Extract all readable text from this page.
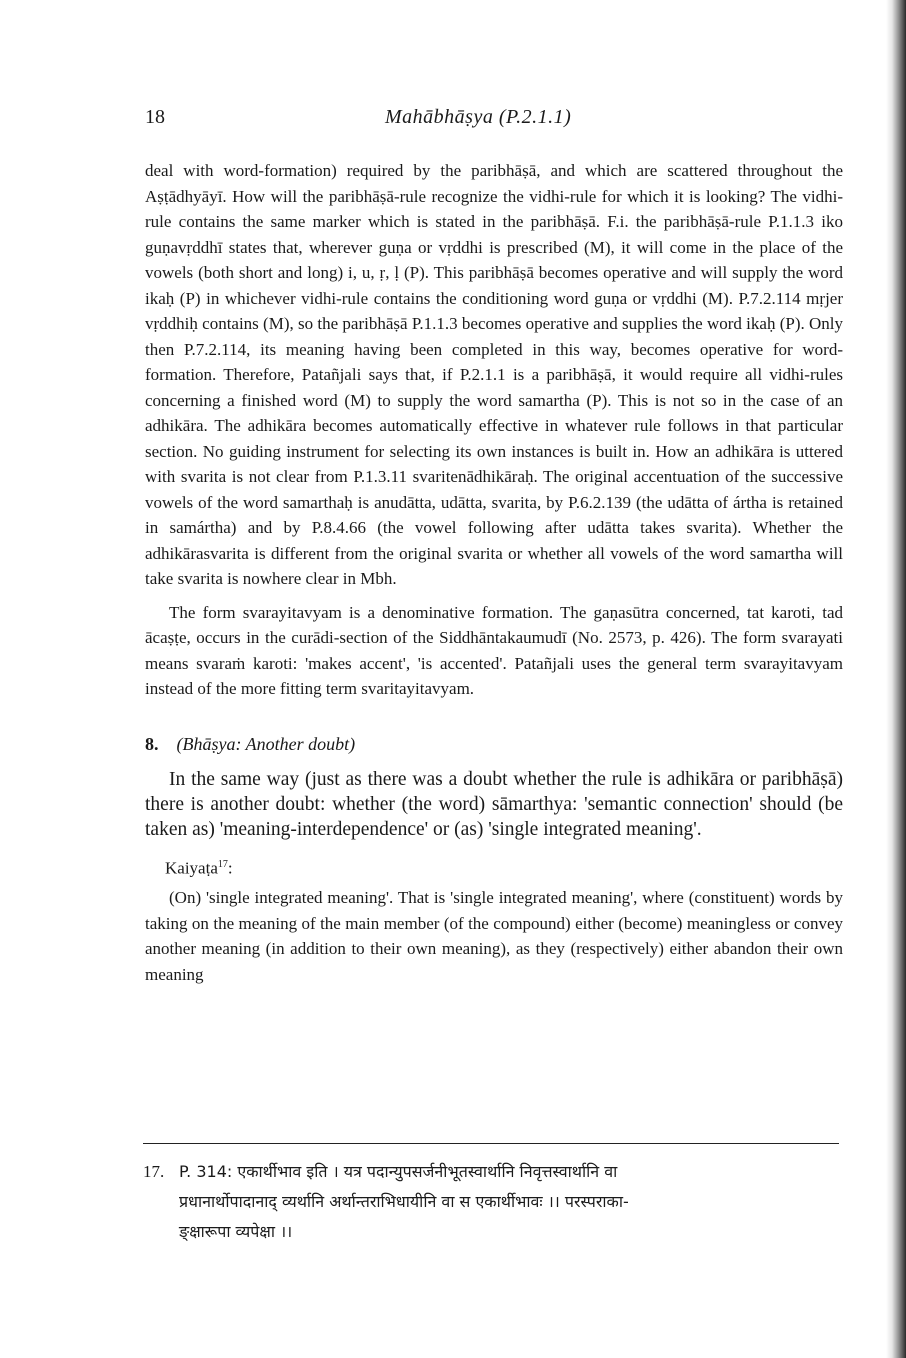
18	Mahābhāṣya (P.2.1.1)

deal with word-formation) required by the paribhāṣā, and which are scattered throughout the Aṣṭādhyāyī. How will the paribhāṣā-rule recognize the vidhi-rule for which it is looking? The vidhi-rule contains the same marker which is stated in the paribhāṣā. F.i. the paribhāṣā-rule P.1.1.3 iko guṇavṛddhī states that, wherever guṇa or vṛddhi is prescribed (M), it will come in the place of the vowels (both short and long) i, u, ṛ, ḷ (P). This paribhāṣā becomes operative and will supply the word ikaḥ (P) in whichever vidhi-rule contains the conditioning word guṇa or vṛddhi (M). P.7.2.114 mṛjer vṛddhiḥ contains (M), so the paribhāṣā P.1.1.3 becomes operative and supplies the word ikaḥ (P). Only then P.7.2.114, its meaning having been completed in this way, becomes operative for word-formation. Therefore, Patañjali says that, if P.2.1.1 is a paribhāṣā, it would require all vidhi-rules concerning a finished word (M) to supply the word samartha (P). This is not so in the case of an adhikāra. The adhikāra becomes automatically effective in whatever rule follows in that particular section. No guiding instrument for selecting its own instances is built in. How an adhikāra is uttered with svarita is not clear from P.1.3.11 svaritenādhikāraḥ. The original accentuation of the successive vowels of the word samarthaḥ is anudātta, udātta, svarita, by P.6.2.139 (the udātta of ártha is retained in samártha) and by P.8.4.66 (the vowel following after udātta takes svarita). Whether the adhikārasvarita is different from the original svarita or whether all vowels of the word samartha will take svarita is nowhere clear in Mbh.

The form svarayitavyam is a denominative formation. The gaṇasūtra concerned, tat karoti, tad ācaṣṭe, occurs in the curādi-section of the Siddhāntakaumudī (No. 2573, p. 426). The form svarayati means svaraṁ karoti: 'makes accent', 'is accented'. Patañjali uses the general term svarayitavyam instead of the more fitting term svaritayitavyam.

8. (Bhāṣya: Another doubt)

In the same way (just as there was a doubt whether the rule is adhikāra or paribhāṣā) there is another doubt: whether (the word) sāmarthya: 'semantic connection' should (be taken as) 'meaning-interdependence' or (as) 'single integrated meaning'.

Kaiyaṭa$^{17}$:

(On) 'single integrated meaning'. That is 'single integrated meaning', where (constituent) words by taking on the meaning of the main member (of the compound) either (become) meaningless or convey another meaning (in addition to their own meaning), as they (respectively) either abandon their own meaning

17. P. 314: एकार्थीभाव इति । यत्र पदान्युपसर्जनीभूतस्वार्थानि निवृत्तस्वार्थानि वा
प्रधानार्थोपादानाद् व्यर्थानि अर्थान्तराभिधायीनि वा स एकार्थीभावः ।। परस्पराका-
ङ्क्षारूपा व्यपेक्षा ।।
